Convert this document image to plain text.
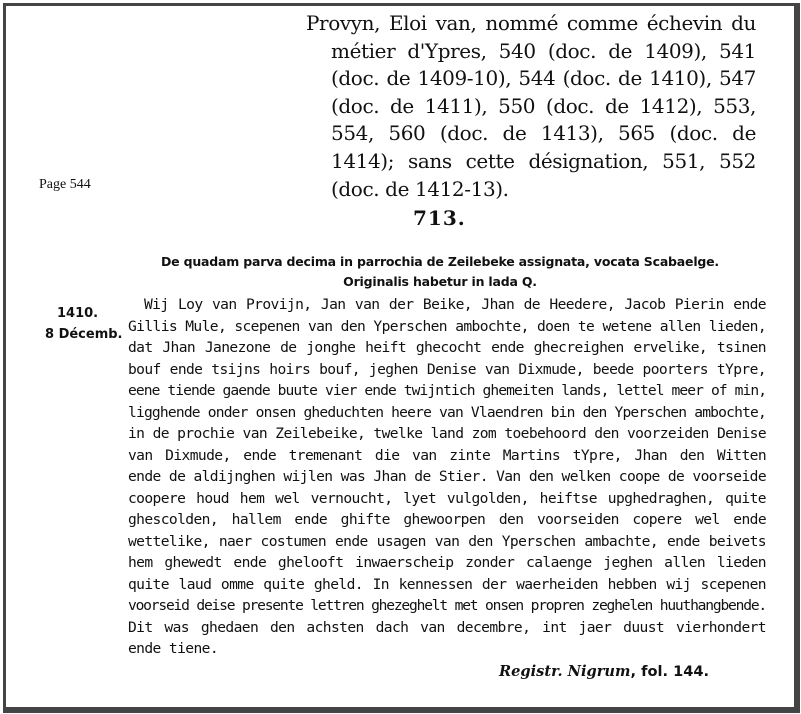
Provyn, Eloi van, nommé comme échevin du métier d'Ypres, 540 (doc. de 1409), 541 (doc. de 1409-10), 544 (doc. de 1410), 547 (doc. de 1411), 550 (doc. de 1412), 553, 554, 560 (doc. de 1413), 565 (doc. de 1414); sans cette désignation, 551, 552 (doc. de 1412-13).
Page 544
713.
De quadam parva decima in parrochia de Zeilebeke assignata, vocata Scabaelge.
Originalis habetur in lada Q.
1410.
8 Décemb.
Wij Loy van Provijn, Jan van der Beike, Jhan de Heedere, Jacob Pierin ende
Gillis Mule, scepenen van den Yperschen ambochte, doen te wetene allen lieden,
dat Jhan Janezone de jonghe heift ghecocht ende ghecreighen ervelike, tsinen
bouf ende tsijns hoirs bouf, jeghen Denise van Dixmude, beede poorters tYpre,
eene tiende gaende buute vier ende twijntich ghemeiten lands, lettel meer of min,
ligghende onder onsen gheduchten heere van Vlaendren bin den Yperschen ambochte,
in de prochie van Zeilebeike, twelke land zom toebehoord den voorzeiden Denise
van Dixmude, ende tremenant die van zinte Martins tYpre, Jhan den Witten
ende de aldijnghen wijlen was Jhan de Stier. Van den welken coope de voorseide
coopere houd hem wel vernoucht, lyet vulgolden, heiftse upghedraghen, quite
ghescolden, hallem ende ghifte ghewoorpen den voorseiden copere wel ende
wettelike, naer costumen ende usagen van den Yperschen ambachte, ende beivets
hem ghewedt ende ghelooft inwaerscheip zonder calaenge jeghen allen lieden
quite laud omme quite gheld. In kennessen der waerheiden hebben wij scepenen
voorseid deise presente lettren ghezeghelt met onsen propren zeghelen huuthangbende.
Dit was ghedaen den achsten dach van decembre, int jaer duust vierhondert
ende tiene.
Registr. Nigrum, fol. 144.
